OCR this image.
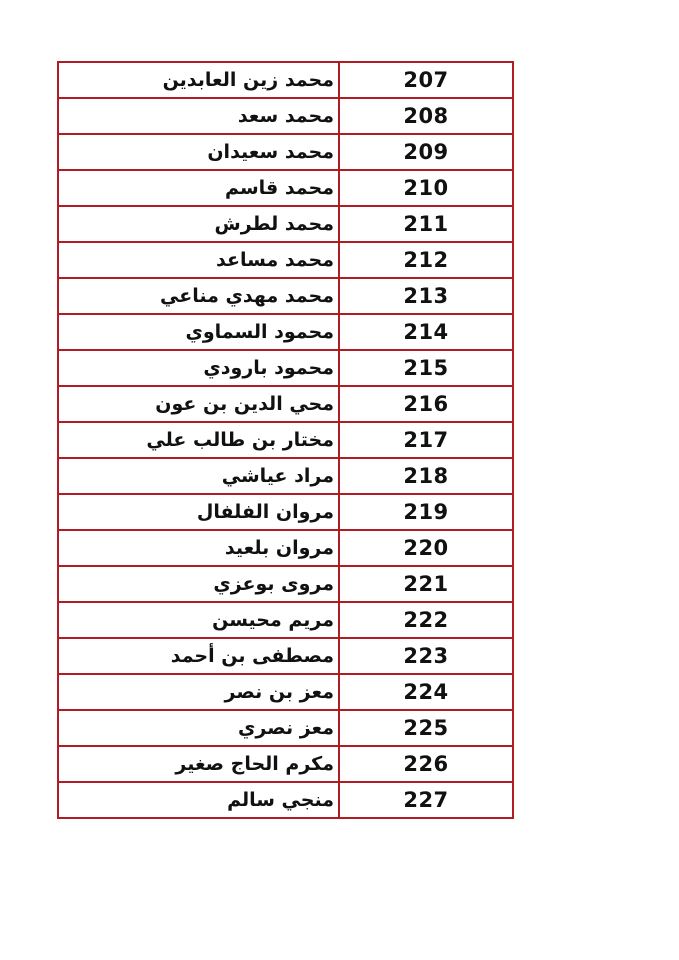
محمد زين العابدين	207
محمد سعد	208
محمد سعيدان	209
محمد قاسم	210
محمد لطرش	211
محمد مساعد	212
محمد مهدي مناعي	213
محمود السماوي	214
محمود بارودي	215
محي الدين بن عون	216
مختار بن طالب علي	217
مراد عياشي	218
مروان الفلفال	219
مروان بلعيد	220
مروى بوعزي	221
مريم محيسن	222
مصطفى بن أحمد	223
معز بن نصر	224
معز نصري	225
مكرم الحاج صغير	226
منجي سالم	227
